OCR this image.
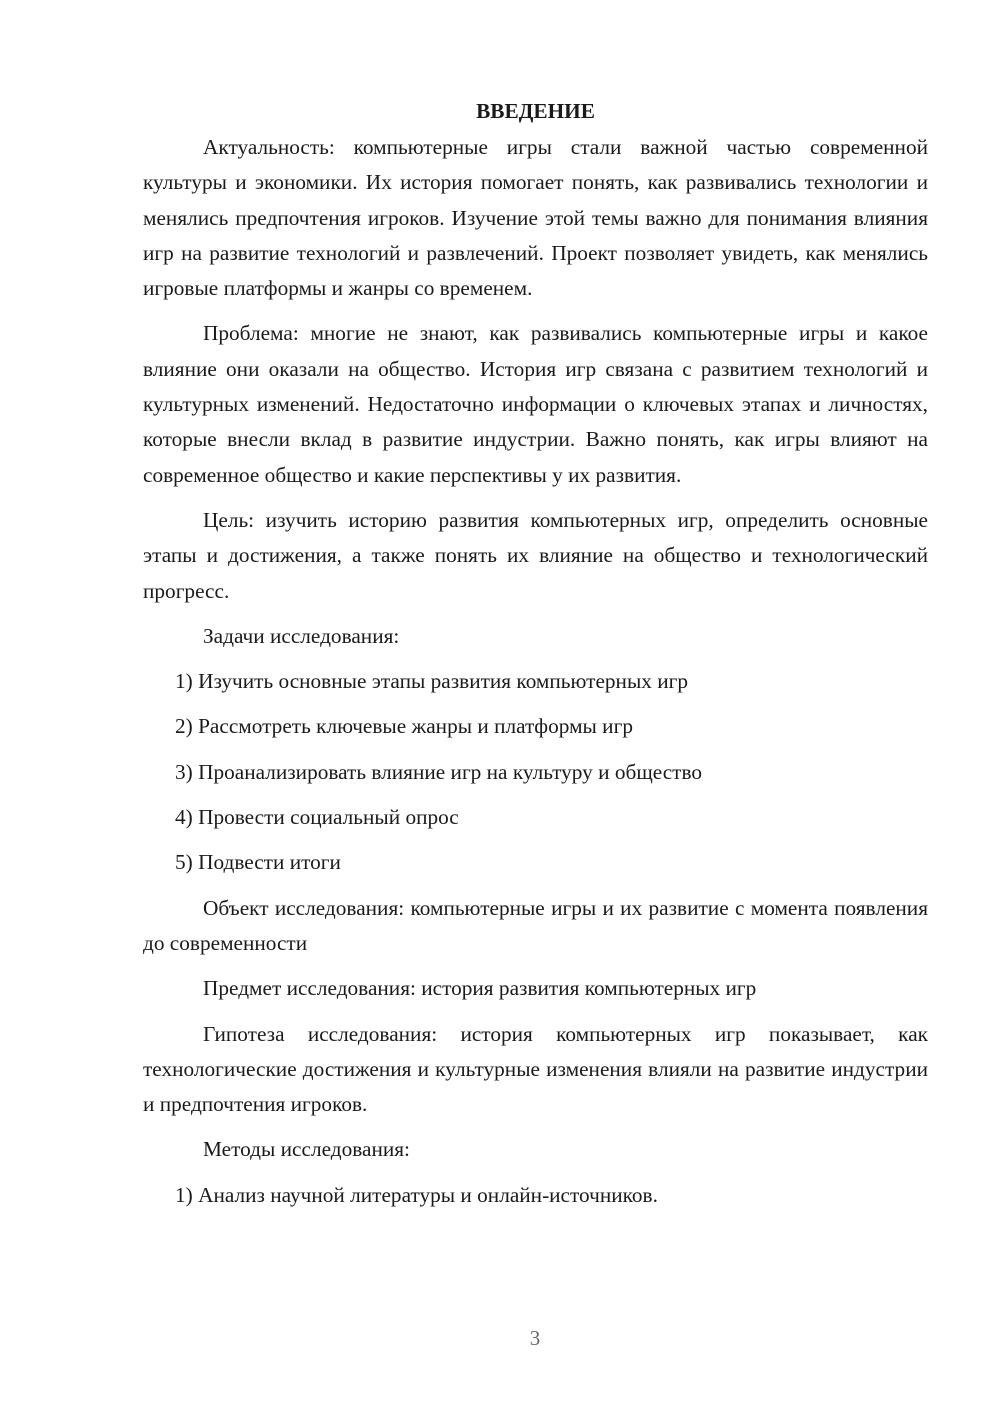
ВВЕДЕНИЕ

Актуальность: компьютерные игры стали важной частью современной культуры и экономики. Их история помогает понять, как развивались технологии и менялись предпочтения игроков. Изучение этой темы важно для понимания влияния игр на развитие технологий и развлечений. Проект позволяет увидеть, как менялись игровые платформы и жанры со временем.

Проблема: многие не знают, как развивались компьютерные игры и какое влияние они оказали на общество. История игр связана с развитием технологий и культурных изменений. Недостаточно информации о ключевых этапах и личностях, которые внесли вклад в развитие индустрии. Важно понять, как игры влияют на современное общество и какие перспективы у их развития.

Цель: изучить историю развития компьютерных игр, определить основные этапы и достижения, а также понять их влияние на общество и технологический прогресс.

Задачи исследования:

1) Изучить основные этапы развития компьютерных игр

2) Рассмотреть ключевые жанры и платформы игр

3) Проанализировать влияние игр на культуру и общество

4) Провести социальный опрос

5) Подвести итоги

Объект исследования: компьютерные игры и их развитие с момента появления до современности

Предмет исследования: история развития компьютерных игр

Гипотеза исследования: история компьютерных игр показывает, как технологические достижения и культурные изменения влияли на развитие индустрии и предпочтения игроков.

Методы исследования:

1) Анализ научной литературы и онлайн-источников.

3
